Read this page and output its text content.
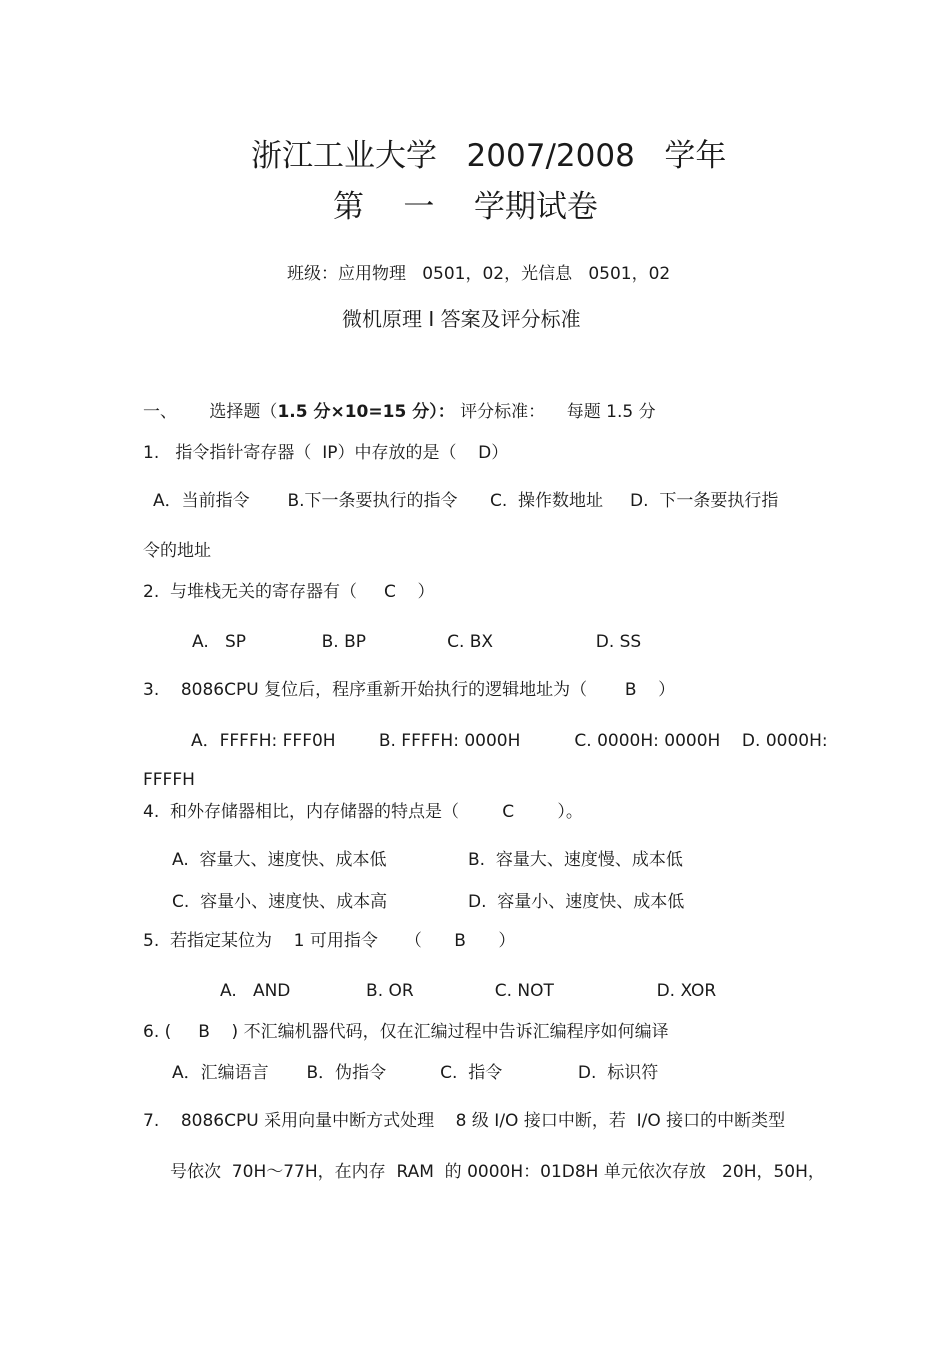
浙江工业大学   2007/2008   学年
第    一    学期试卷
班级：应用物理   0501，02，光信息   0501，02
微机原理 Ⅰ 答案及评分标准
一、      选择题（1.5 分×10=15 分）： 评分标准：    每题 1.5 分
1.   指令指针寄存器（  IP）中存放的是（    D）
A．当前指令       B.下一条要执行的指令      C.  操作数地址     D.  下一条要执行指
令的地址
2.  与堆栈无关的寄存器有（     C    ）
A.   SP              B. BP               C. BX                   D. SS
3.    8086CPU 复位后，程序重新开始执行的逻辑地址为（       B    ）
A．FFFFH: FFF0H        B. FFFFH: 0000H          C. 0000H: 0000H    D. 0000H:
FFFFH
4.  和外存储器相比，内存储器的特点是（        C        ）。
A.  容量大、速度快、成本低	B.  容量大、速度慢、成本低
C.  容量小、速度快、成本高	D.  容量小、速度快、成本低
5.  若指定某位为    1 可用指令     （      B      ）
A.   AND              B. OR               C. NOT                   D. XOR
6. (     B    ) 不汇编机器代码，仅在汇编过程中告诉汇编程序如何编译
A．汇编语言       B．伪指令          C.  指令              D.  标识符
7.    8086CPU 采用向量中断方式处理    8 级 I/O 接口中断，若  I/O 接口的中断类型
号依次  70H～77H，在内存  RAM  的 0000H：01D8H 单元依次存放   20H，50H，
